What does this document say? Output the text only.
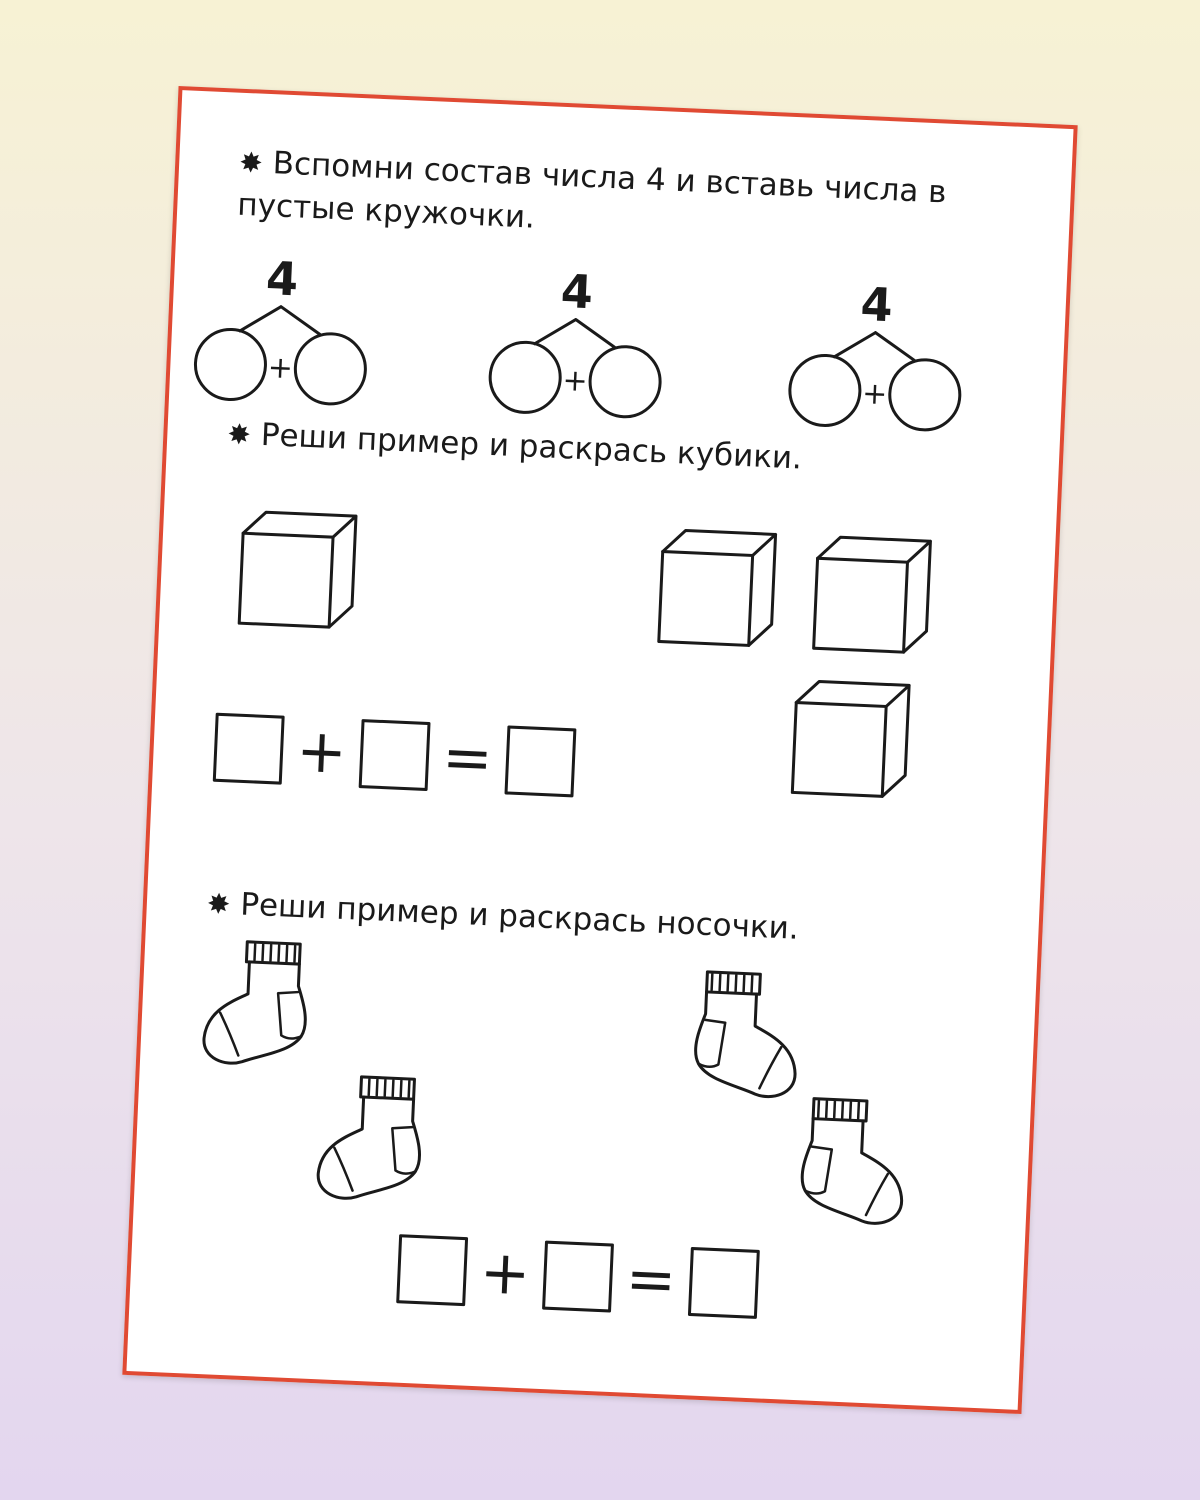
✸ Вспомни состав числа 4 и вставь числа в пустые кружочки.

4
+
4
+
4
+
+ =
+ =

✸ Реши пример и раскрась кубики.

✸ Реши пример и раскрась носочки.
